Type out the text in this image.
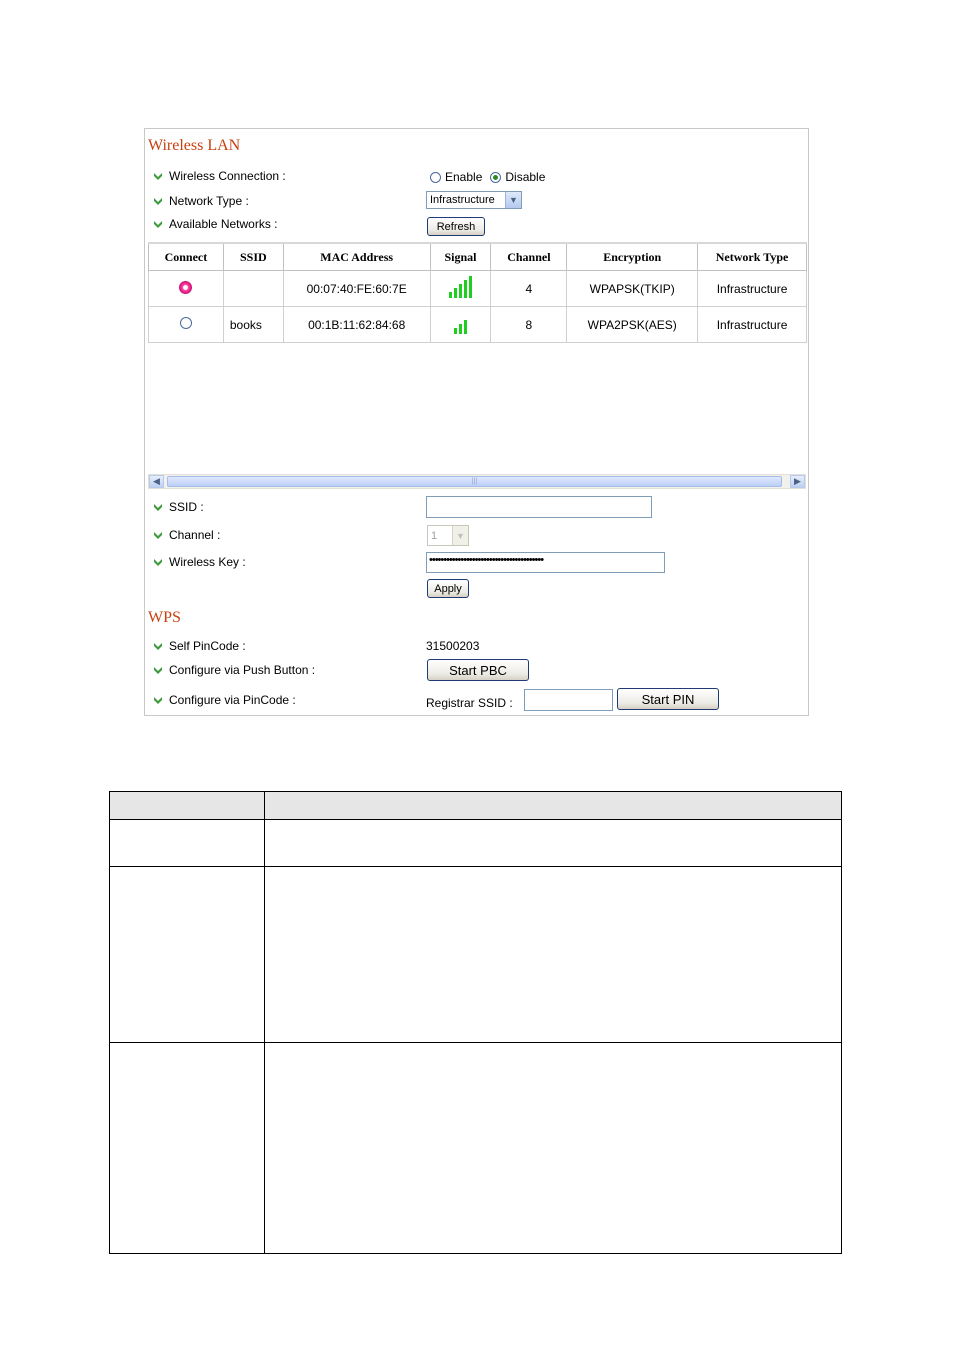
Wireless LAN
Wireless Connection :	Enable Disable
Network Type :	Infrastructure	▼
Available Networks :	Refresh
Connect	SSID	MAC Address	Signal	Channel	Encryption	Network Type
		00:07:40:FE:60:7E		4	WPAPSK(TKIP)	Infrastructure
	books	00:1B:11:62:84:68		8	WPA2PSK(AES)	Infrastructure
◀	|||	▶
SSID :
Channel :	1	▼
Wireless Key :	••••••••••••••••••••••••••••••••••••••••
Apply
WPS
Self PinCode :	31500203
Configure via Push Button :	Start PBC
Configure via PinCode :	Registrar SSID :	Start PIN
